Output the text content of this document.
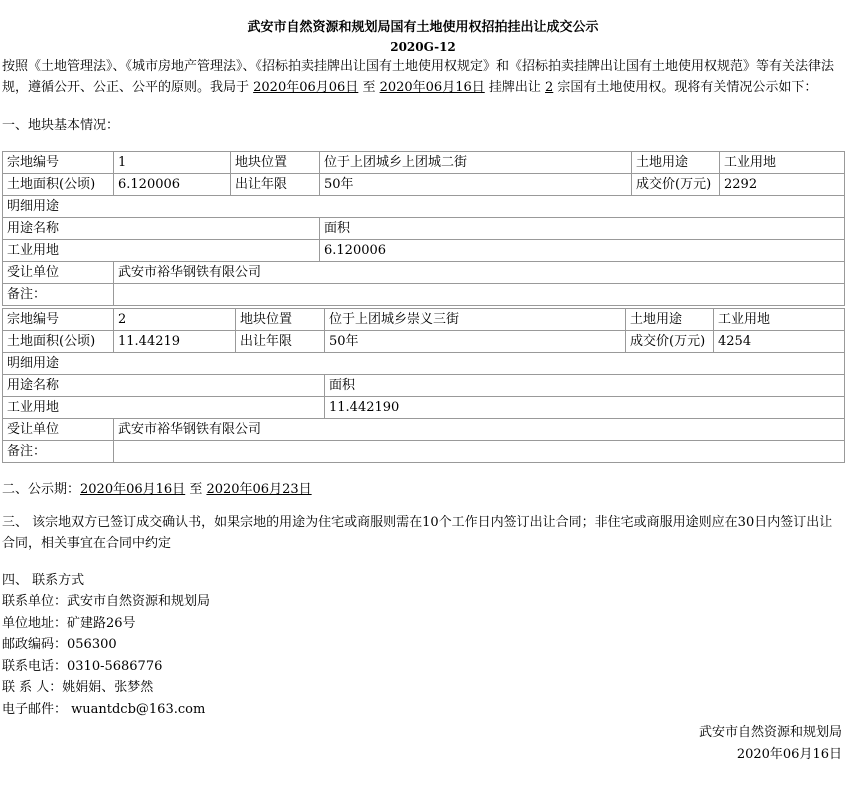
武安市自然资源和规划局国有土地使用权招拍挂出让成交公示
2020G-12

按照《土地管理法》、《城市房地产管理法》、《招标拍卖挂牌出让国有土地使用权规定》和《招标拍卖挂牌出让国有土地使用权规范》等有关法律法规，遵循公开、公正、公平的原则。我局于 2020年06月06日 至 2020年06月16日 挂牌出让 2 宗国有土地使用权。现将有关情况公示如下：

一、地块基本情况：
宗地编号	1	地块位置	位于上团城乡上团城二街	土地用途	工业用地
土地面积(公顷)	6.120006	出让年限	50年	成交价(万元)	2292
明细用途					
用途名称			面积		
工业用地			6.120006		
受让单位	武安市裕华钢铁有限公司				
备注：					
宗地编号	2	地块位置	位于上团城乡崇义三街	土地用途	工业用地
土地面积(公顷)	11.44219	出让年限	50年	成交价(万元)	4254
明细用途					
用途名称			面积		
工业用地			11.442190		
受让单位	武安市裕华钢铁有限公司				
备注：					
二、公示期：2020年06月16日 至 2020年06月23日
三、 该宗地双方已签订成交确认书，如果宗地的用途为住宅或商服则需在10个工作日内签订出让合同；非住宅或商服用途则应在30日内签订出让合同，相关事宜在合同中约定
四、 联系方式
联系单位：武安市自然资源和规划局
单位地址：矿建路26号
邮政编码：056300
联系电话：0310-5686776
联 系 人：姚娟娟、张梦然
电子邮件： wuantdcb@163.com
武安市自然资源和规划局
2020年06月16日
